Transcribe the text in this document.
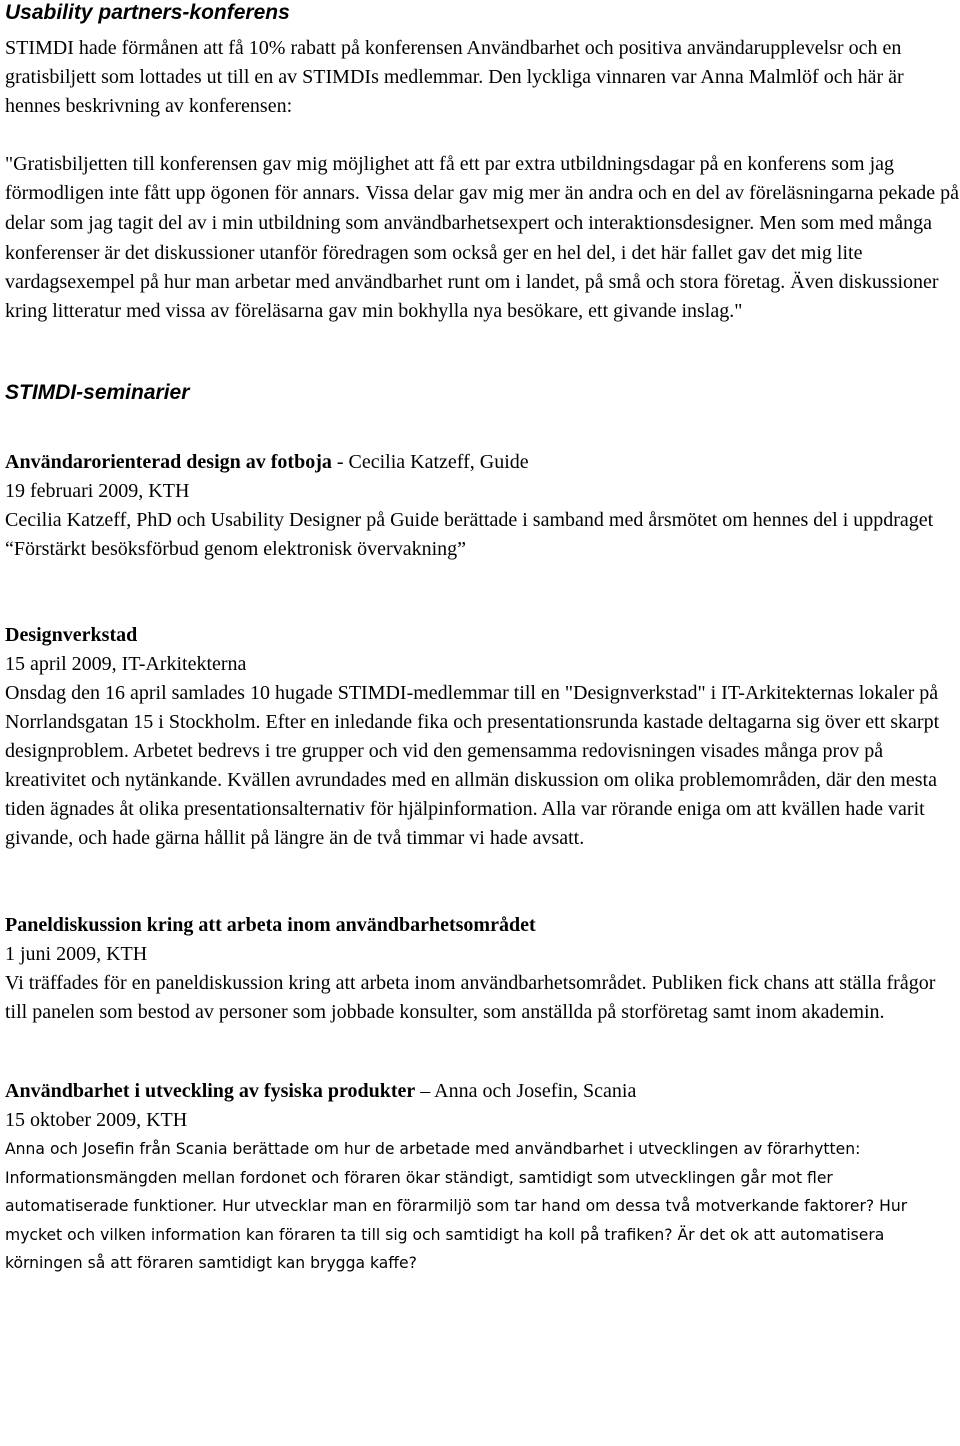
Usability partners-konferens

STIMDI hade förmånen att få 10% rabatt på konferensen Användbarhet och positiva användarupplevelsr och en gratisbiljett som lottades ut till en av STIMDIs medlemmar. Den lyckliga vinnaren var Anna Malmlöf och här är hennes beskrivning av konferensen:

"Gratisbiljetten till konferensen gav mig möjlighet att få ett par extra utbildningsdagar på en konferens som jag förmodligen inte fått upp ögonen för annars. Vissa delar gav mig mer än andra och en del av föreläsningarna pekade på delar som jag tagit del av i min utbildning som användbarhetsexpert och interaktionsdesigner. Men som med många konferenser är det diskussioner utanför föredragen som också ger en hel del, i det här fallet gav det mig lite vardagsexempel på hur man arbetar med användbarhet runt om i landet, på små och stora företag. Även diskussioner kring litteratur med vissa av föreläsarna gav min bokhylla nya besökare, ett givande inslag."

STIMDI-seminarier

Användarorienterad design av fotboja - Cecilia Katzeff, Guide

19 februari 2009, KTH

Cecilia Katzeff, PhD och Usability Designer på Guide berättade i samband med årsmötet om hennes del i uppdraget “Förstärkt besöksförbud genom elektronisk övervakning”

Designverkstad

15 april 2009, IT-Arkitekterna

Onsdag den 16 april samlades 10 hugade STIMDI-medlemmar till en "Designverkstad" i IT-Arkitekternas lokaler på Norrlandsgatan 15 i Stockholm. Efter en inledande fika och presentationsrunda kastade deltagarna sig över ett skarpt designproblem. Arbetet bedrevs i tre grupper och vid den gemensamma redovisningen visades många prov på kreativitet och nytänkande. Kvällen avrundades med en allmän diskussion om olika problemområden, där den mesta tiden ägnades åt olika presentationsalternativ för hjälpinformation. Alla var rörande eniga om att kvällen hade varit givande, och hade gärna hållit på längre än de två timmar vi hade avsatt.

Paneldiskussion kring att arbeta inom användbarhetsområdet

1 juni 2009, KTH

Vi träffades för en paneldiskussion kring att arbeta inom användbarhetsområdet. Publiken fick chans att ställa frågor till panelen som bestod av personer som jobbade konsulter, som anställda på storföretag samt inom akademin.

Användbarhet i utveckling av fysiska produkter – Anna och Josefin, Scania

15 oktober 2009, KTH

Anna och Josefin från Scania berättade om hur de arbetade med användbarhet i utvecklingen av förarhytten: Informationsmängden mellan fordonet och föraren ökar ständigt, samtidigt som utvecklingen går mot fler automatiserade funktioner. Hur utvecklar man en förarmiljö som tar hand om dessa två motverkande faktorer? Hur mycket och vilken information kan föraren ta till sig och samtidigt ha koll på trafiken? Är det ok att automatisera körningen så att föraren samtidigt kan brygga kaffe?
